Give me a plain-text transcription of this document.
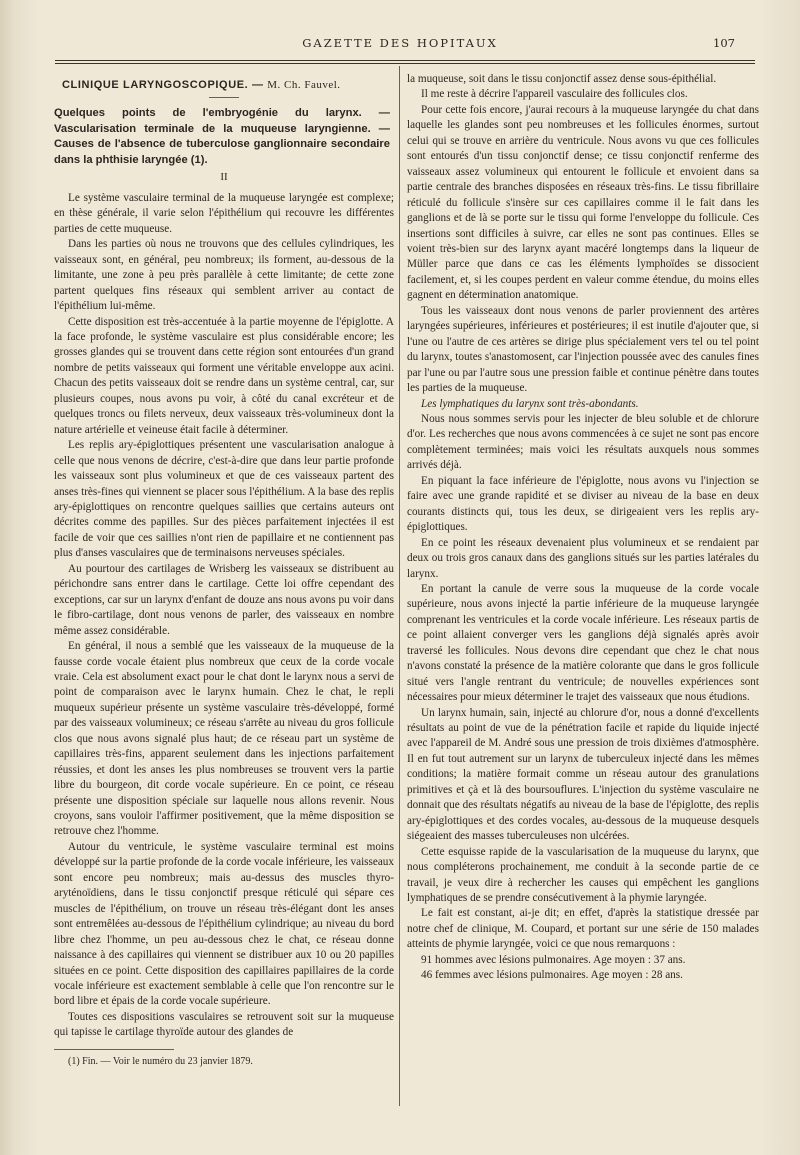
GAZETTE DES HOPITAUX	107
CLINIQUE LARYNGOSCOPIQUE. — M. Ch. Fauvel.

Quelques points de l'embryogénie du larynx. — Vascularisation terminale de la muqueuse laryngienne. — Causes de l'absence de tuberculose ganglionnaire secondaire dans la phthisie laryngée (1).

II

Le système vasculaire terminal de la muqueuse laryngée est complexe; en thèse générale, il varie selon l'épithélium qui recouvre les différentes parties de cette muqueuse.

Dans les parties où nous ne trouvons que des cellules cylindriques, les vaisseaux sont, en général, peu nombreux; ils forment, au-dessous de la limitante, une zone à peu près parallèle à cette limitante; de cette zone partent quelques fins réseaux qui semblent arriver au contact de l'épithélium lui-même.

Cette disposition est très-accentuée à la partie moyenne de l'épiglotte. A la face profonde, le système vasculaire est plus considérable encore; les grosses glandes qui se trouvent dans cette région sont entourées d'un grand nombre de petits vaisseaux qui forment une véritable enveloppe aux acini. Chacun des petits vaisseaux doit se rendre dans un système central, car, sur plusieurs coupes, nous avons pu voir, à côté du canal excréteur et de quelques troncs ou filets nerveux, deux vaisseaux très-volumineux dont la nature artérielle et veineuse était facile à déterminer.

Les replis ary-épiglottiques présentent une vascularisation analogue à celle que nous venons de décrire, c'est-à-dire que dans leur partie profonde les vaisseaux sont plus volumineux et que de ces vaisseaux partent des anses très-fines qui viennent se placer sous l'épithélium. A la base des replis ary-épiglottiques on rencontre quelques saillies que certains auteurs ont décrites comme des papilles. Sur des pièces parfaitement injectées il est facile de voir que ces saillies n'ont rien de papillaire et ne contiennent pas plus d'anses vasculaires que de terminaisons nerveuses spéciales.

Au pourtour des cartilages de Wrisberg les vaisseaux se distribuent au périchondre sans entrer dans le cartilage. Cette loi offre cependant des exceptions, car sur un larynx d'enfant de douze ans nous avons pu voir dans le fibro-cartilage, dont nous venons de parler, des vaisseaux en nombre même assez considérable.

En général, il nous a semblé que les vaisseaux de la muqueuse de la fausse corde vocale étaient plus nombreux que ceux de la corde vocale vraie. Cela est absolument exact pour le chat dont le larynx nous a servi de point de comparaison avec le larynx humain. Chez le chat, le repli muqueux supérieur présente un système vasculaire très-développé, formé par des vaisseaux volumineux; ce réseau s'arrête au niveau du gros follicule clos que nous avons signalé plus haut; de ce réseau part un système de capillaires très-fins, apparent seulement dans les injections parfaitement réussies, et dont les anses les plus nombreuses se trouvent vers la partie libre du bourgeon, dit corde vocale supérieure. En ce point, ce réseau présente une disposition spéciale sur laquelle nous allons revenir. Nous croyons, sans vouloir l'affirmer positivement, que la même disposition se retrouve chez l'homme.

Autour du ventricule, le système vasculaire terminal est moins développé sur la partie profonde de la corde vocale inférieure, les vaisseaux sont encore peu nombreux; mais au-dessus des muscles thyro-aryténoïdiens, dans le tissu conjonctif presque réticulé qui sépare ces muscles de l'épithélium, on trouve un réseau très-élégant dont les anses sont entremêlées au-dessous de l'épithélium cylindrique; au niveau du bord libre chez l'homme, un peu au-dessous chez le chat, ce réseau donne naissance à des capillaires qui viennent se distribuer aux 10 ou 20 papilles situées en ce point. Cette disposition des capillaires papillaires de la corde vocale inférieure est exactement semblable à celle que l'on rencontre sur le bord libre et épais de la corde vocale supérieure.

Toutes ces dispositions vasculaires se retrouvent soit sur la muqueuse qui tapisse le cartilage thyroïde autour des glandes de

(1) Fin. — Voir le numéro du 23 janvier 1879.

la muqueuse, soit dans le tissu conjonctif assez dense sous-épithélial.

Il me reste à décrire l'appareil vasculaire des follicules clos.

Pour cette fois encore, j'aurai recours à la muqueuse laryngée du chat dans laquelle les glandes sont peu nombreuses et les follicules énormes, surtout celui qui se trouve en arrière du ventricule. Nous avons vu que ces follicules sont entourés d'un tissu conjonctif dense; ce tissu conjonctif renferme des vaisseaux assez volumineux qui entourent le follicule et envoient dans sa partie centrale des branches disposées en réseaux très-fins. Le tissu fibrillaire réticulé du follicule s'insère sur ces capillaires comme il le fait dans les ganglions et de là se porte sur le tissu qui forme l'enveloppe du follicule. Ces insertions sont difficiles à suivre, car elles ne sont pas continues. Elles se voient très-bien sur des larynx ayant macéré longtemps dans la liqueur de Müller parce que dans ce cas les éléments lymphoïdes se dissocient facilement, et, si les coupes perdent en valeur comme étendue, du moins elles gagnent en détermination anatomique.

Tous les vaisseaux dont nous venons de parler proviennent des artères laryngées supérieures, inférieures et postérieures; il est inutile d'ajouter que, si l'une ou l'autre de ces artères se dirige plus spécialement vers tel ou tel point du larynx, toutes s'anastomosent, car l'injection poussée avec des canules fines par l'une ou par l'autre sous une pression faible et continue pénètre dans toutes les parties de la muqueuse.

Les lymphatiques du larynx sont très-abondants.

Nous nous sommes servis pour les injecter de bleu soluble et de chlorure d'or. Les recherches que nous avons commencées à ce sujet ne sont pas encore complètement terminées; mais voici les résultats auxquels nous sommes arrivés déjà.

En piquant la face inférieure de l'épiglotte, nous avons vu l'injection se faire avec une grande rapidité et se diviser au niveau de la base en deux courants distincts qui, tous les deux, se dirigeaient vers les replis ary-épiglottiques.

En ce point les réseaux devenaient plus volumineux et se rendaient par deux ou trois gros canaux dans des ganglions situés sur les parties latérales du larynx.

En portant la canule de verre sous la muqueuse de la corde vocale supérieure, nous avons injecté la partie inférieure de la muqueuse laryngée comprenant les ventricules et la corde vocale inférieure. Les réseaux partis de ce point allaient converger vers les ganglions déjà signalés après avoir traversé les follicules. Nous devons dire cependant que chez le chat nous n'avons constaté la présence de la matière colorante que dans le gros follicule situé vers l'angle rentrant du ventricule; de nouvelles expériences sont nécessaires pour mieux déterminer le trajet des vaisseaux que nous étudions.

Un larynx humain, sain, injecté au chlorure d'or, nous a donné d'excellents résultats au point de vue de la pénétration facile et rapide du liquide injecté avec l'appareil de M. André sous une pression de trois dixièmes d'atmosphère. Il en fut tout autrement sur un larynx de tuberculeux injecté dans les mêmes conditions; la matière formait comme un réseau autour des granulations primitives et çà et là des boursouflures. L'injection du système vasculaire ne donnait que des résultats négatifs au niveau de la base de l'épiglotte, des replis ary-épiglottiques et des cordes vocales, au-dessous de la muqueuse desquels siégeaient des masses tuberculeuses non ulcérées.

Cette esquisse rapide de la vascularisation de la muqueuse du larynx, que nous compléterons prochainement, me conduit à la seconde partie de ce travail, je veux dire à rechercher les causes qui empêchent les ganglions lymphatiques de se prendre consécutivement à la phymie laryngée.

Le fait est constant, ai-je dit; en effet, d'après la statistique dressée par notre chef de clinique, M. Coupard, et portant sur une série de 150 malades atteints de phymie laryngée, voici ce que nous remarquons :

91 hommes avec lésions pulmonaires. Age moyen : 37 ans.

46 femmes avec lésions pulmonaires. Age moyen : 28 ans.
